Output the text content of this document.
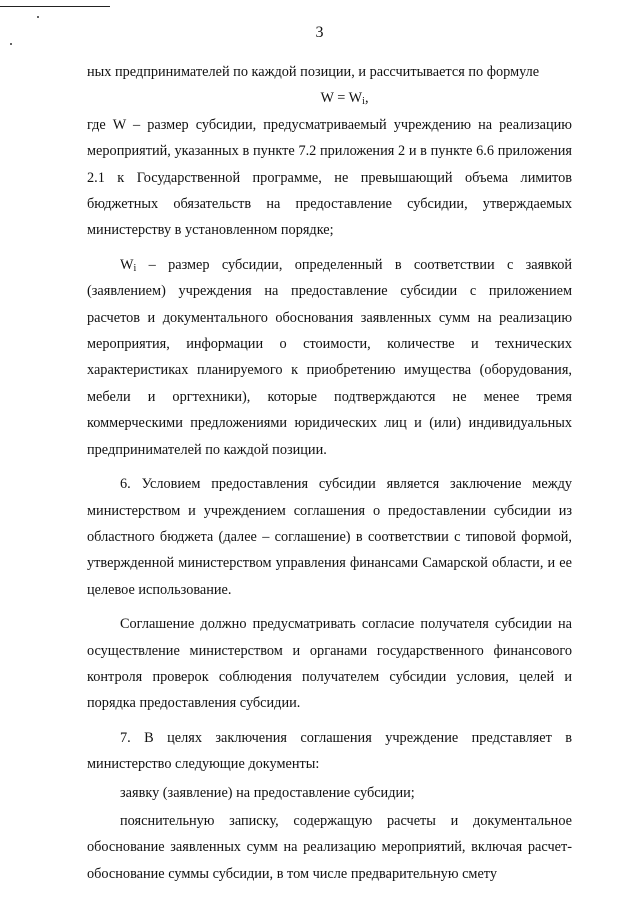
3

ных предпринимателей по каждой позиции, и рассчитывается по формуле

$W = W_i$,

где W – размер субсидии, предусматриваемый учреждению на реализацию мероприятий, указанных в пункте 7.2 приложения 2 и в пункте 6.6 приложения 2.1 к Государственной программе, не превышающий объема лимитов бюджетных обязательств на предоставление субсидии, утверждаемых министерству в установленном порядке;

$W_i$ – размер субсидии, определенный в соответствии с заявкой (заявлением) учреждения на предоставление субсидии с приложением расчетов и документального обоснования заявленных сумм на реализацию мероприятия, информации о стоимости, количестве и технических характеристиках планируемого к приобретению имущества (оборудования, мебели и оргтехники), которые подтверждаются не менее тремя коммерческими предложениями юридических лиц и (или) индивидуальных предпринимателей по каждой позиции.

6. Условием предоставления субсидии является заключение между министерством и учреждением соглашения о предоставлении субсидии из областного бюджета (далее – соглашение) в соответствии с типовой формой, утвержденной министерством управления финансами Самарской области, и ее целевое использование.

Соглашение должно предусматривать согласие получателя субсидии на осуществление министерством и органами государственного финансового контроля проверок соблюдения получателем субсидии условия, целей и порядка предоставления субсидии.

7. В целях заключения соглашения учреждение представляет в министерство следующие документы:

заявку (заявление) на предоставление субсидии;

пояснительную записку, содержащую расчеты и документальное обоснование заявленных сумм на реализацию мероприятий, включая расчет-обоснование суммы субсидии, в том числе предварительную смету
